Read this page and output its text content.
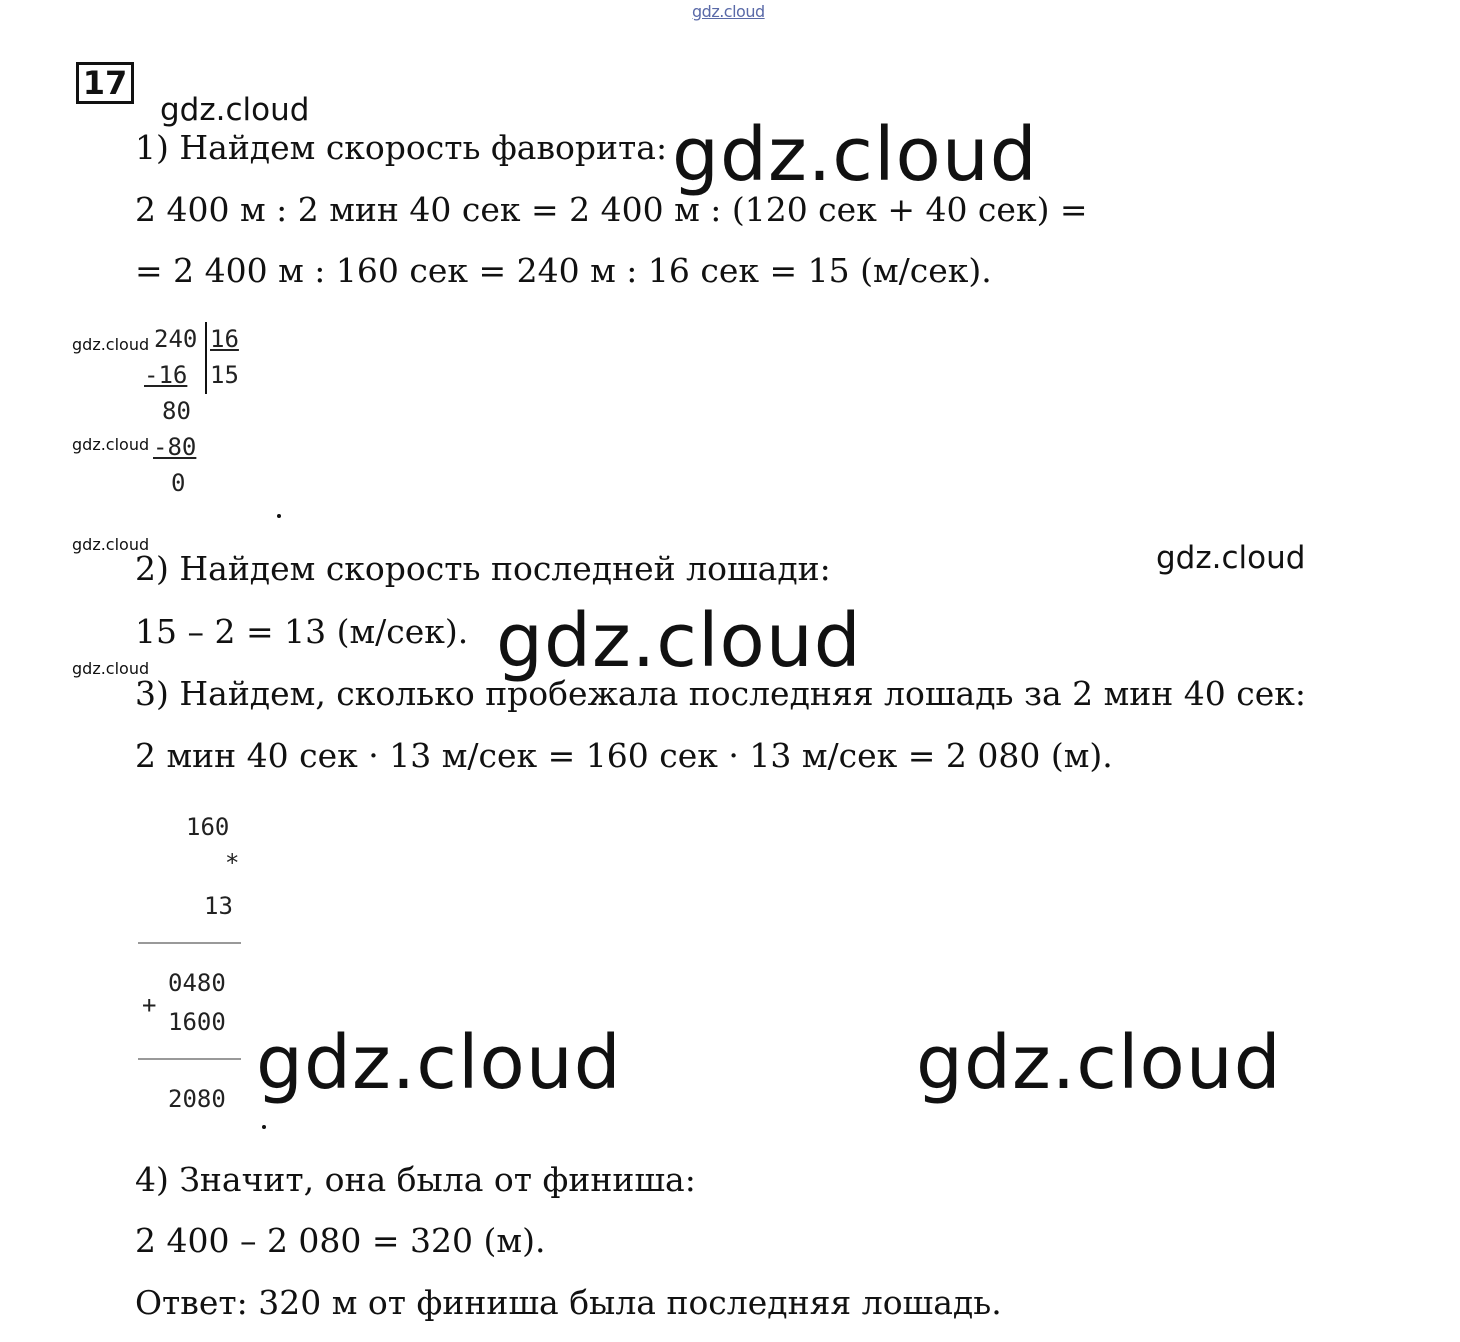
gdz.cloud
17
gdz.cloud
gdz.cloud
gdz.cloud
gdz.cloud
gdz.cloud	gdz.cloud
gdz.cloud
gdz.cloud
gdz.cloud	gdz.cloud
1) Найдем скорость фаворита:
2 400 м : 2 мин 40 сек = 2 400 м : (120 сек + 40 сек) =
= 2 400 м : 160 сек = 240 м : 16 сек = 15 (м/сек).
240 16
-16 15
80
-80
0
2) Найдем скорость последней лошади:
15 – 2 = 13 (м/сек).
3) Найдем, сколько пробежала последняя лошадь за 2 мин 40 сек:
2 мин 40 сек · 13 м/сек = 160 сек · 13 м/сек = 2 080 (м).
160
*
13
0480
+
1600
2080
4) Значит, она была от финиша:
2 400 – 2 080 = 320 (м).
Ответ: 320 м от финиша была последняя лошадь.
